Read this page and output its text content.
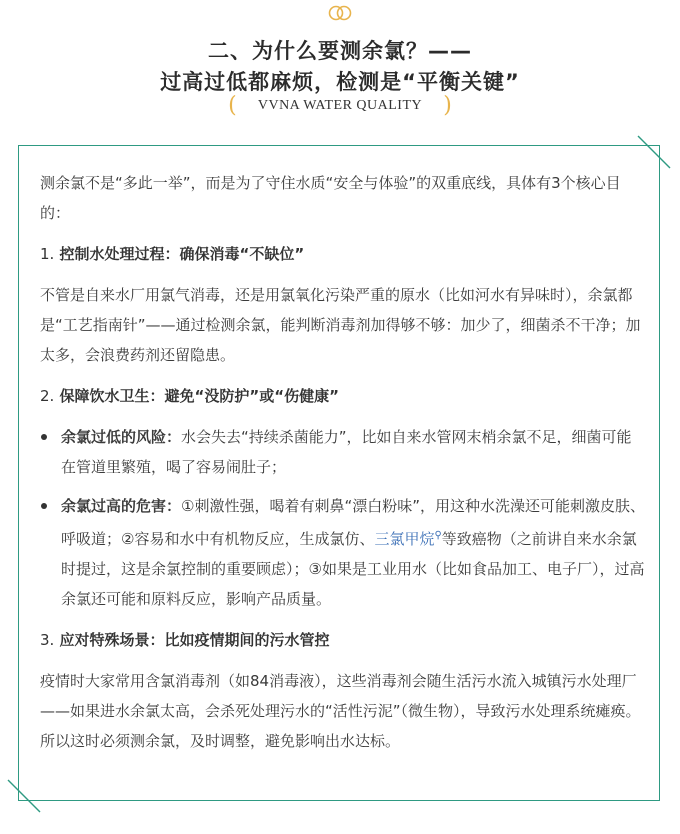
二、为什么要测余氯？——
过高过低都麻烦，检测是“平衡关键”
( VVNA WATER QUALITY )

测余氯不是“多此一举”，而是为了守住水质“安全与体验”的双重底线，具体有3个核心目的：

1. 控制水处理过程：确保消毒“不缺位”

不管是自来水厂用氯气消毒，还是用氯氧化污染严重的原水（比如河水有异味时），余氯都是“工艺指南针”——通过检测余氯，能判断消毒剂加得够不够：加少了，细菌杀不干净；加太多，会浪费药剂还留隐患。

2. 保障饮水卫生：避免“没防护”或“伤健康”

余氯过低的风险：水会失去“持续杀菌能力”，比如自来水管网末梢余氯不足，细菌可能在管道里繁殖，喝了容易闹肚子；
余氯过高的危害：①刺激性强，喝着有刺鼻“漂白粉味”，用这种水洗澡还可能刺激皮肤、呼吸道；②容易和水中有机物反应，生成氯仿、三氯甲烷⚲等致癌物（之前讲自来水余氯时提过，这是余氯控制的重要顾虑）；③如果是工业用水（比如食品加工、电子厂），过高余氯还可能和原料反应，影响产品质量。

3. 应对特殊场景：比如疫情期间的污水管控

疫情时大家常用含氯消毒剂（如84消毒液），这些消毒剂会随生活污水流入城镇污水处理厂——如果进水余氯太高，会杀死处理污水的“活性污泥”（微生物），导致污水处理系统瘫痪。所以这时必须测余氯，及时调整，避免影响出水达标。
